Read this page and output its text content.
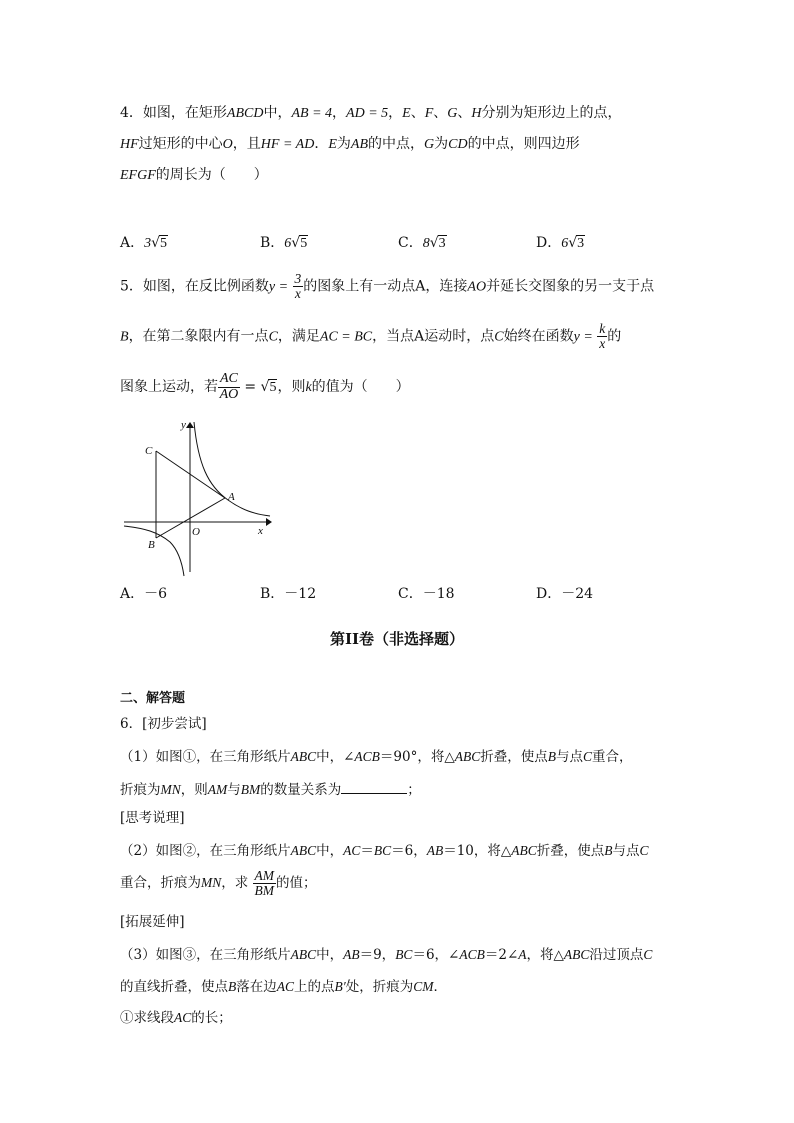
4．如图，在矩形ABCD中，AB = 4，AD = 5，E、F、G、H分别为矩形边上的点，
HF过矩形的中心O，且HF = AD．E为AB的中点，G为CD的中点，则四边形
EFGF的周长为（　　）
A．3√5	B．6√5	C．8√3	D．6√3
5．如图，在反比例函数$y = \frac{3}{x}$ 的图象上有一动点A，连接AO并延长交图象的另一支于点
B，在第二象限内有一点C，满足AC = BC，当点A运动时，点C始终在函数$y = \frac{k}{x}$ 的
图象上运动，若 $\frac{AC}{AO} = √5$，则k的值为（　　）
y
x
O
A
B
C
A．－6	B．－12	C．－18	D．－24
第II卷（非选择题）
二、解答题
6．[初步尝试]
（1）如图①，在三角形纸片ABC中，∠ACB＝90°，将△ABC折叠，使点B与点C重合，
折痕为MN，则AM与BM的数量关系为	；
[思考说理]
（2）如图②，在三角形纸片ABC中，AC＝BC＝6，AB＝10，将△ABC折叠，使点B与点C
重合，折痕为MN，求 $\frac{AM}{BM}$ 的值；
[拓展延伸]
（3）如图③，在三角形纸片ABC中，AB＝9，BC＝6，∠ACB＝2∠A，将△ABC沿过顶点C
的直线折叠，使点B落在边AC上的点B′处，折痕为CM．
①求线段AC的长；
